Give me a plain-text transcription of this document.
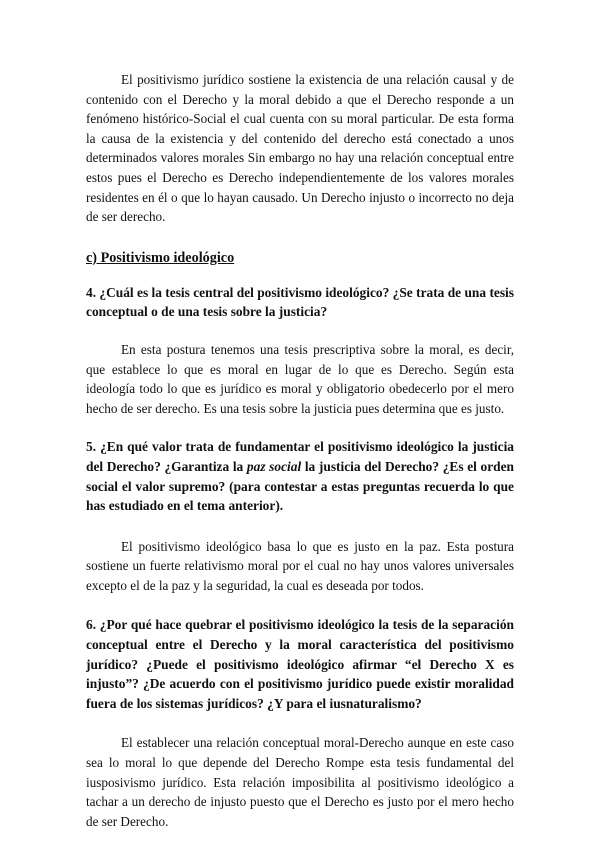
El positivismo jurídico sostiene la existencia de una relación causal y de contenido con el Derecho y la moral debido a que el Derecho responde a un fenómeno histórico-Social el cual cuenta con su moral particular. De esta forma la causa de la existencia y del contenido del derecho está conectado a unos determinados valores morales Sin embargo no hay una relación conceptual entre estos pues el Derecho es Derecho independientemente de los valores morales residentes en él o que lo hayan causado. Un Derecho injusto o incorrecto no deja de ser derecho.

c) Positivismo ideológico
4. ¿Cuál es la tesis central del positivismo ideológico? ¿Se trata de una tesis conceptual o de una tesis sobre la justicia?

En esta postura tenemos una tesis prescriptiva sobre la moral, es decir, que establece lo que es moral en lugar de lo que es Derecho. Según esta ideología todo lo que es jurídico es moral y obligatorio obedecerlo por el mero hecho de ser derecho. Es una tesis sobre la justicia pues determina que es justo.

5. ¿En qué valor trata de fundamentar el positivismo ideológico la justicia del Derecho? ¿Garantiza la paz social la justicia del Derecho? ¿Es el orden social el valor supremo? (para contestar a estas preguntas recuerda lo que has estudiado en el tema anterior).

El positivismo ideológico basa lo que es justo en la paz. Esta postura sostiene un fuerte relativismo moral por el cual no hay unos valores universales excepto el de la paz y la seguridad, la cual es deseada por todos.

6. ¿Por qué hace quebrar el positivismo ideológico la tesis de la separación conceptual entre el Derecho y la moral característica del positivismo jurídico? ¿Puede el positivismo ideológico afirmar “el Derecho X es injusto”? ¿De acuerdo con el positivismo jurídico puede existir moralidad fuera de los sistemas jurídicos? ¿Y para el iusnaturalismo?

El establecer una relación conceptual moral-Derecho aunque en este caso sea lo moral lo que depende del Derecho Rompe esta tesis fundamental del iusposivismo jurídico. Esta relación imposibilita al positivismo ideológico a tachar a un derecho de injusto puesto que el Derecho es justo por el mero hecho de ser Derecho.
